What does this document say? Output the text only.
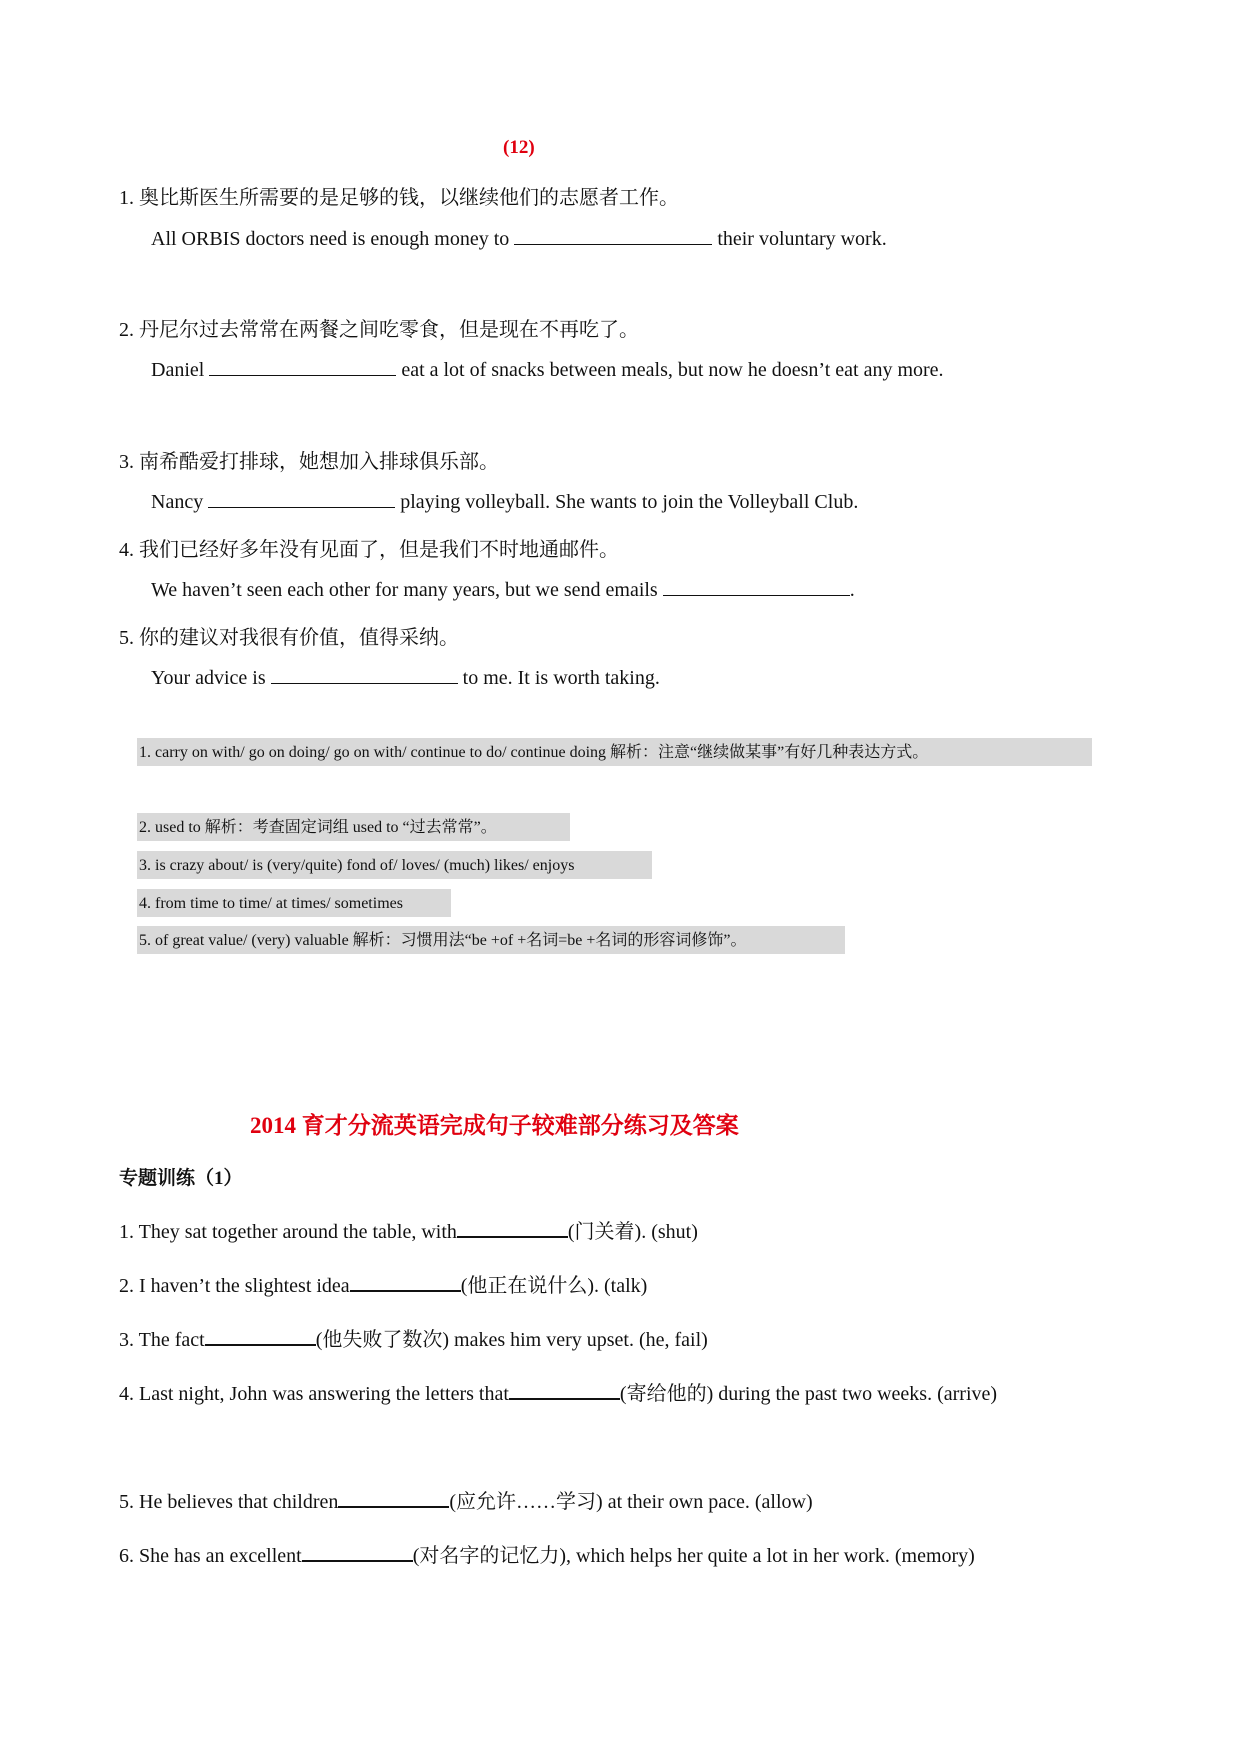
(12)
1. 奥比斯医生所需要的是足够的钱，以继续他们的志愿者工作。
All ORBIS doctors need is enough money to	their voluntary work.
2. 丹尼尔过去常常在两餐之间吃零食，但是现在不再吃了。
Daniel	eat a lot of snacks between meals, but now he doesn’t eat any more.
3. 南希酷爱打排球，她想加入排球俱乐部。
Nancy	playing volleyball. She wants to join the Volleyball Club.
4. 我们已经好多年没有见面了，但是我们不时地通邮件。
We haven’t seen each other for many years, but we send emails	.
5. 你的建议对我很有价值，值得采纳。
Your advice is	to me. It is worth taking.
1. carry on with/ go on doing/ go on with/ continue to do/ continue doing 解析：注意“继续做某事”有好几种表达方式。
2. used to 解析：考查固定词组 used to “过去常常”。
3. is crazy about/ is (very/quite) fond of/ loves/ (much) likes/ enjoys
4. from time to time/ at times/ sometimes
5. of great value/ (very) valuable 解析：习惯用法“be +of +名词=be +名词的形容词修饰”。
2014 育才分流英语完成句子较难部分练习及答案
专题训练（1）
1. They sat together around the table, with	(门关着). (shut)
2. I haven’t the slightest idea	(他正在说什么). (talk)
3. The fact	(他失败了数次) makes him very upset. (he, fail)
4. Last night, John was answering the letters that	(寄给他的) during the past two weeks. (arrive)
5. He believes that children	(应允许……学习) at their own pace. (allow)
6. She has an excellent	(对名字的记忆力), which helps her quite a lot in her work. (memory)
